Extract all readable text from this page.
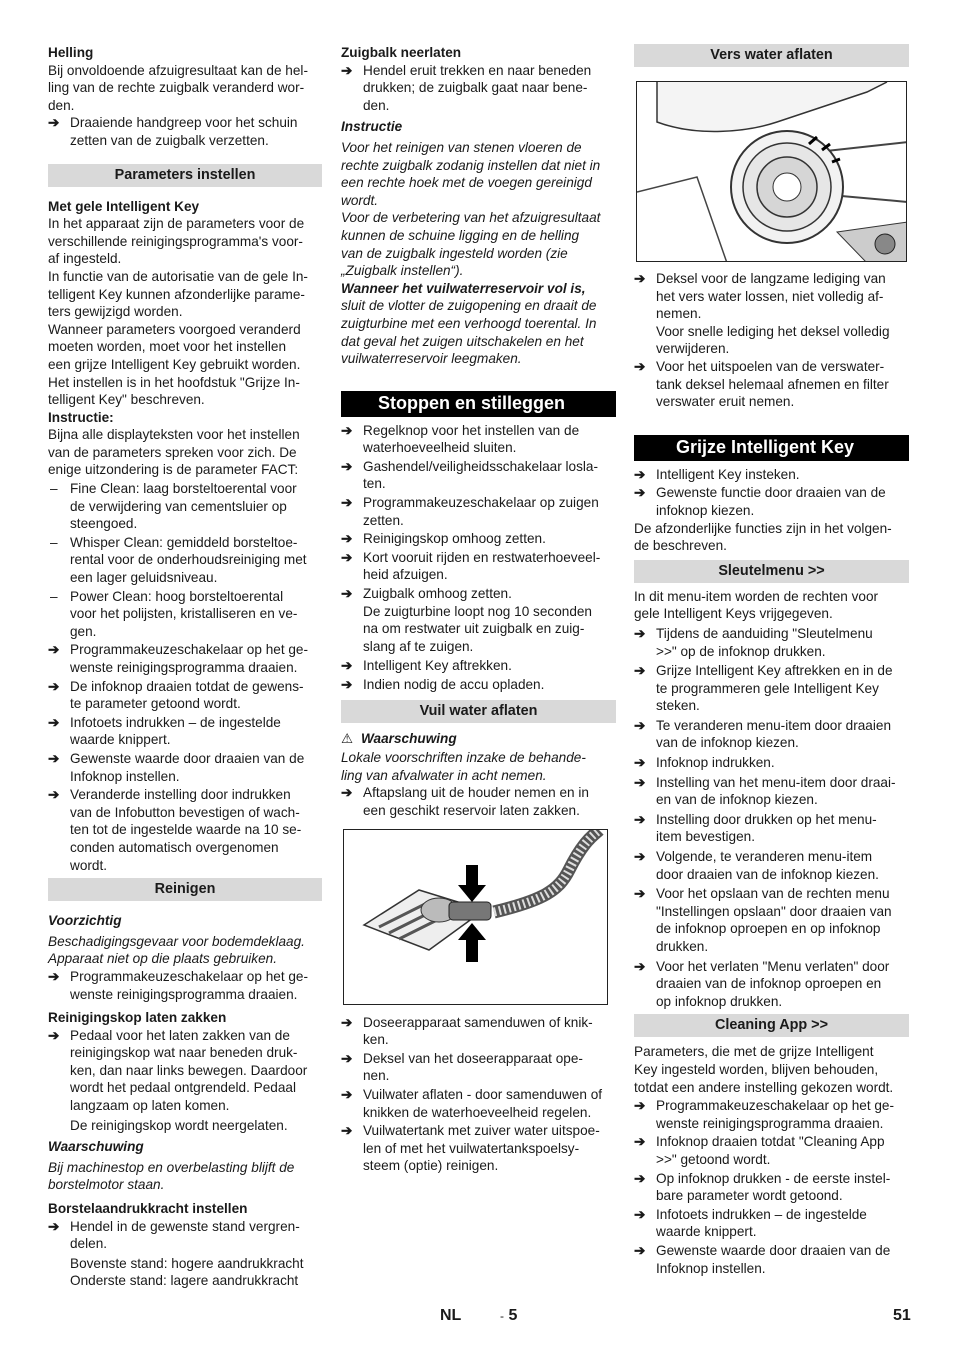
Helling

Bij onvoldoende afzuigresultaat kan de hel-
ling van de rechte zuigbalk veranderd wor-
den.
➔ Draaiende handgreep voor het schuin
zetten van de zuigbalk verzetten.
Parameters instellen

Met gele Intelligent Key

In het apparaat zijn de parameters voor de
verschillende reinigingsprogramma's voor-
af ingesteld.
In functie van de autorisatie van de gele In-
telligent Key kunnen afzonderlijke parame-
ters gewijzigd worden.
Wanneer parameters voorgoed veranderd
moeten worden, moet voor het instellen
een grijze Intelligent Key gebruikt worden.
Het instellen is in het hoofdstuk "Grijze In-
telligent Key" beschreven.

Instructie:

Bijna alle displayteksten voor het instellen
van de parameters spreken voor zich. De
enige uitzondering is de parameter FACT:
– Fine Clean: laag borsteltoerental voor
de verwijdering van cementsluier op
steengoed.
– Whisper Clean: gemiddeld borsteltoe-
rental voor de onderhoudsreiniging met
een lager geluidsniveau.
– Power Clean: hoog borsteltoerental
voor het polijsten, kristalliseren en ve-
gen.
➔ Programmakeuzeschakelaar op het ge-
wenste reinigingsprogramma draaien.
➔ De infoknop draaien totdat de gewens-
te parameter getoond wordt.
➔ Infotoets indrukken – de ingestelde
waarde knippert.
➔ Gewenste waarde door draaien van de
Infoknop instellen.
➔ Veranderde instelling door indrukken
van de Infobutton bevestigen of wach-
ten tot de ingestelde waarde na 10 se-
conden automatisch overgenomen
wordt.
Reinigen

Voorzichtig

Beschadigingsgevaar voor bodemdeklaag.
Apparaat niet op die plaats gebruiken.
➔ Programmakeuzeschakelaar op het ge-
wenste reinigingsprogramma draaien.

Reinigingskop laten zakken

➔ Pedaal voor het laten zakken van de
reinigingskop wat naar beneden druk-
ken, dan naar links bewegen. Daardoor
wordt het pedaal ontgrendeld. Pedaal
langzaam op laten komen.

De reinigingskop wordt neergelaten.

Waarschuwing

Bij machinestop en overbelasting blijft de
borstelmotor staan.

Borstelaandrukkracht instellen

➔ Hendel in de gewenste stand vergren-
delen.
Bovenste stand: hogere aandrukkracht
Onderste stand: lagere aandrukkracht

Zuigbalk neerlaten

➔ Hendel eruit trekken en naar beneden
drukken; de zuigbalk gaat naar bene-
den.

Instructie

Voor het reinigen van stenen vloeren de
rechte zuigbalk zodanig instellen dat niet in
een rechte hoek met de voegen gereinigd
wordt.
Voor de verbetering van het afzuigresultaat
kunnen de schuine ligging en de helling
van de zuigbalk ingesteld worden (zie
„Zuigbalk instellen“).

Wanneer het vuilwaterreservoir vol is,

sluit de vlotter de zuigopening en draait de
zuigturbine met een verhoogd toerental. In
dat geval het zuigen uitschakelen en het
vuilwaterreservoir leegmaken.
Stoppen en stilleggen
➔ Regelknop voor het instellen van de
waterhoeveelheid sluiten.
➔ Gashendel/veiligheidsschakelaar losla-
ten.
➔ Programmakeuzeschakelaar op zuigen
zetten.
➔ Reinigingskop omhoog zetten.
➔ Kort vooruit rijden en restwaterhoeveel-
heid afzuigen.
➔ Zuigbalk omhoog zetten.
De zuigturbine loopt nog 10 seconden
na om restwater uit zuigbalk en zuig-
slang af te zuigen.
➔ Intelligent Key aftrekken.
➔ Indien nodig de accu opladen.
Vuil water aflaten

⚠ Waarschuwing

Lokale voorschriften inzake de behande-
ling van afvalwater in acht nemen.
➔ Aftapslang uit de houder nemen en in
een geschikt reservoir laten zakken.
➔ Doseerapparaat samenduwen of knik-
ken.
➔ Deksel van het doseerapparaat ope-
nen.
➔ Vuilwater aflaten - door samenduwen of
knikken de waterhoeveelheid regelen.
➔ Vuilwatertank met zuiver water uitspoe-
len of met het vuilwatertankspoelsy-
steem (optie) reinigen.
Vers water aflaten
➔ Deksel voor de langzame lediging van
het vers water lossen, niet volledig af-
nemen.
Voor snelle lediging het deksel volledig
verwijderen.
➔ Voor het uitspoelen van de verswater-
tank deksel helemaal afnemen en filter
verswater eruit nemen.
Grijze Intelligent Key
➔ Intelligent Key insteken.
➔ Gewenste functie door draaien van de
infoknop kiezen.
De afzonderlijke functies zijn in het volgen-
de beschreven.
Sleutelmenu >>
In dit menu-item worden de rechten voor
gele Intelligent Keys vrijgegeven.
➔ Tijdens de aanduiding "Sleutelmenu
>>" op de infoknop drukken.
➔ Grijze Intelligent Key aftrekken en in de
te programmeren gele Intelligent Key
steken.
➔ Te veranderen menu-item door draaien
van de infoknop kiezen.
➔ Infoknop indrukken.
➔ Instelling van het menu-item door draai-
en van de infoknop kiezen.
➔ Instelling door drukken op het menu-
item bevestigen.
➔ Volgende, te veranderen menu-item
door draaien van de infoknop kiezen.
➔ Voor het opslaan van de rechten menu
"Instellingen opslaan" door draaien van
de infoknop oproepen en op infoknop
drukken.
➔ Voor het verlaten "Menu verlaten" door
draaien van de infoknop oproepen en
op infoknop drukken.
Cleaning App >>
Parameters, die met de grijze Intelligent
Key ingesteld worden, blijven behouden,
totdat een andere instelling gekozen wordt.
➔ Programmakeuzeschakelaar op het ge-
wenste reinigingsprogramma draaien.
➔ Infoknop draaien totdat "Cleaning App
>>" getoond wordt.
➔ Op infoknop drukken - de eerste instel-
bare parameter wordt getoond.
➔ Infotoets indrukken – de ingestelde
waarde knippert.
➔ Gewenste waarde door draaien van de
Infoknop instellen.
NL	- 5	51
